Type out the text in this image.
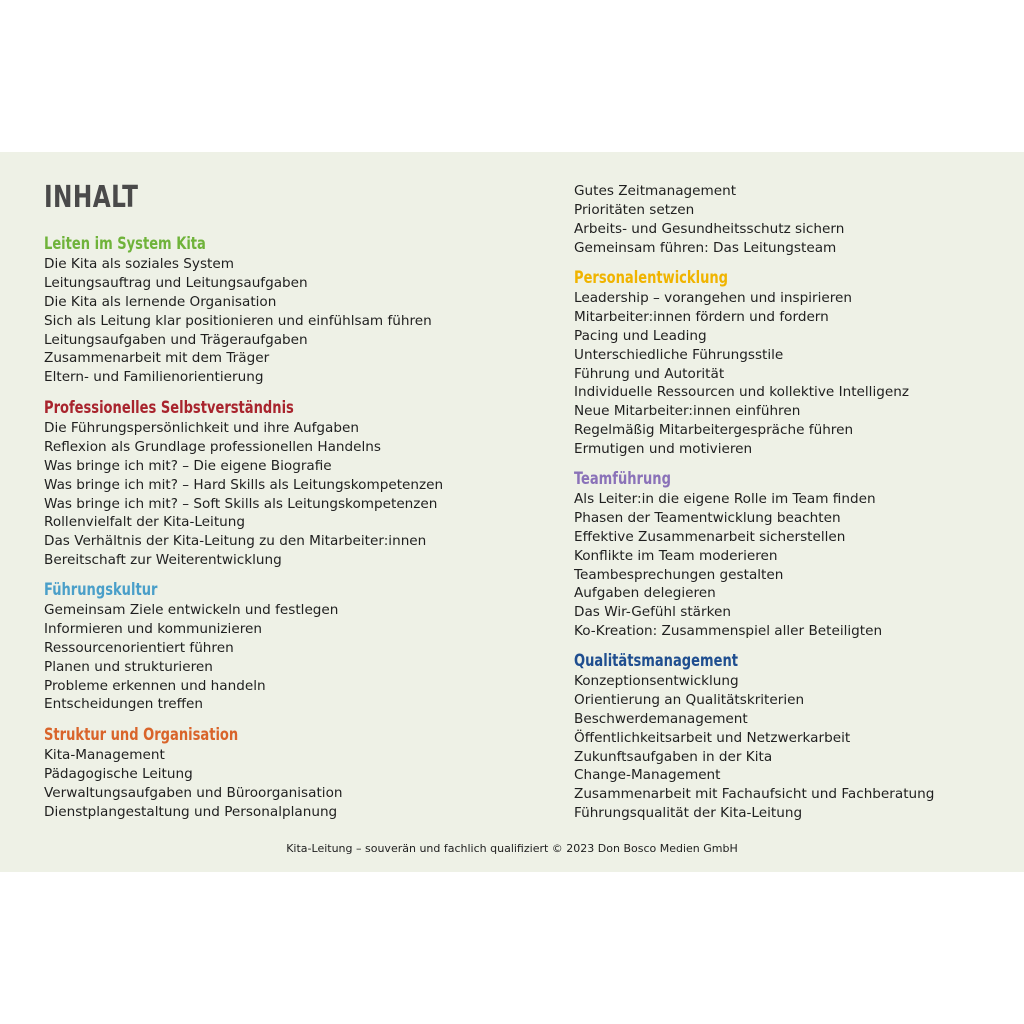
INHALT
Leiten im System Kita
Die Kita als soziales System
Leitungsauftrag und Leitungsaufgaben
Die Kita als lernende Organisation
Sich als Leitung klar positionieren und einfühlsam führen
Leitungsaufgaben und Trägeraufgaben
Zusammenarbeit mit dem Träger
Eltern- und Familienorientierung
Professionelles Selbstverständnis
Die Führungspersönlichkeit und ihre Aufgaben
Reflexion als Grundlage professionellen Handelns
Was bringe ich mit? – Die eigene Biografie
Was bringe ich mit? – Hard Skills als Leitungskompetenzen
Was bringe ich mit? – Soft Skills als Leitungskompetenzen
Rollenvielfalt der Kita-Leitung
Das Verhältnis der Kita-Leitung zu den Mitarbeiter:innen
Bereitschaft zur Weiterentwicklung
Führungskultur
Gemeinsam Ziele entwickeln und festlegen
Informieren und kommunizieren
Ressourcenorientiert führen
Planen und strukturieren
Probleme erkennen und handeln
Entscheidungen treffen
Struktur und Organisation
Kita-Management
Pädagogische Leitung
Verwaltungsaufgaben und Büroorganisation
Dienstplangestaltung und Personalplanung
Gutes Zeitmanagement
Prioritäten setzen
Arbeits- und Gesundheitsschutz sichern
Gemeinsam führen: Das Leitungsteam
Personalentwicklung
Leadership – vorangehen und inspirieren
Mitarbeiter:innen fördern und fordern
Pacing und Leading
Unterschiedliche Führungsstile
Führung und Autorität
Individuelle Ressourcen und kollektive Intelligenz
Neue Mitarbeiter:innen einführen
Regelmäßig Mitarbeitergespräche führen
Ermutigen und motivieren
Teamführung
Als Leiter:in die eigene Rolle im Team finden
Phasen der Teamentwicklung beachten
Effektive Zusammenarbeit sicherstellen
Konflikte im Team moderieren
Teambesprechungen gestalten
Aufgaben delegieren
Das Wir-Gefühl stärken
Ko-Kreation: Zusammenspiel aller Beteiligten
Qualitätsmanagement
Konzeptionsentwicklung
Orientierung an Qualitätskriterien
Beschwerdemanagement
Öffentlichkeitsarbeit und Netzwerkarbeit
Zukunftsaufgaben in der Kita
Change-Management
Zusammenarbeit mit Fachaufsicht und Fachberatung
Führungsqualität der Kita-Leitung
Kita-Leitung – souverän und fachlich qualifiziert © 2023 Don Bosco Medien GmbH
